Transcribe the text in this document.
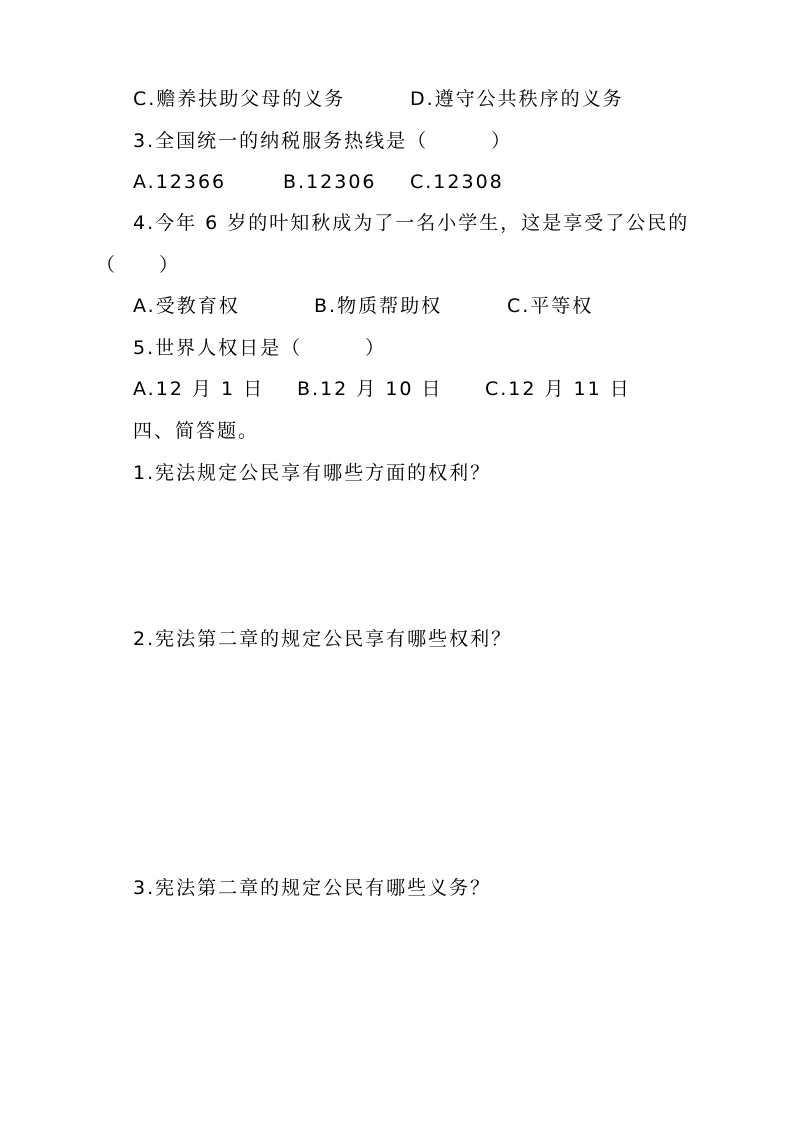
C.赡养扶助父母的义务	D.遵守公共秩序的义务
3.全国统一的纳税服务热线是（　　　）
A.12366	B.12306 C.12308
4.今年 6 岁的叶知秋成为了一名小学生，这是享受了公民的
（　　）
A.受教育权	B.物质帮助权	C.平等权
5.世界人权日是（　　　）
A.12 月 1 日 B.12 月 10 日 C.12 月 11 日
四、简答题。
1.宪法规定公民享有哪些方面的权利？
2.宪法第二章的规定公民享有哪些权利？
3.宪法第二章的规定公民有哪些义务？
